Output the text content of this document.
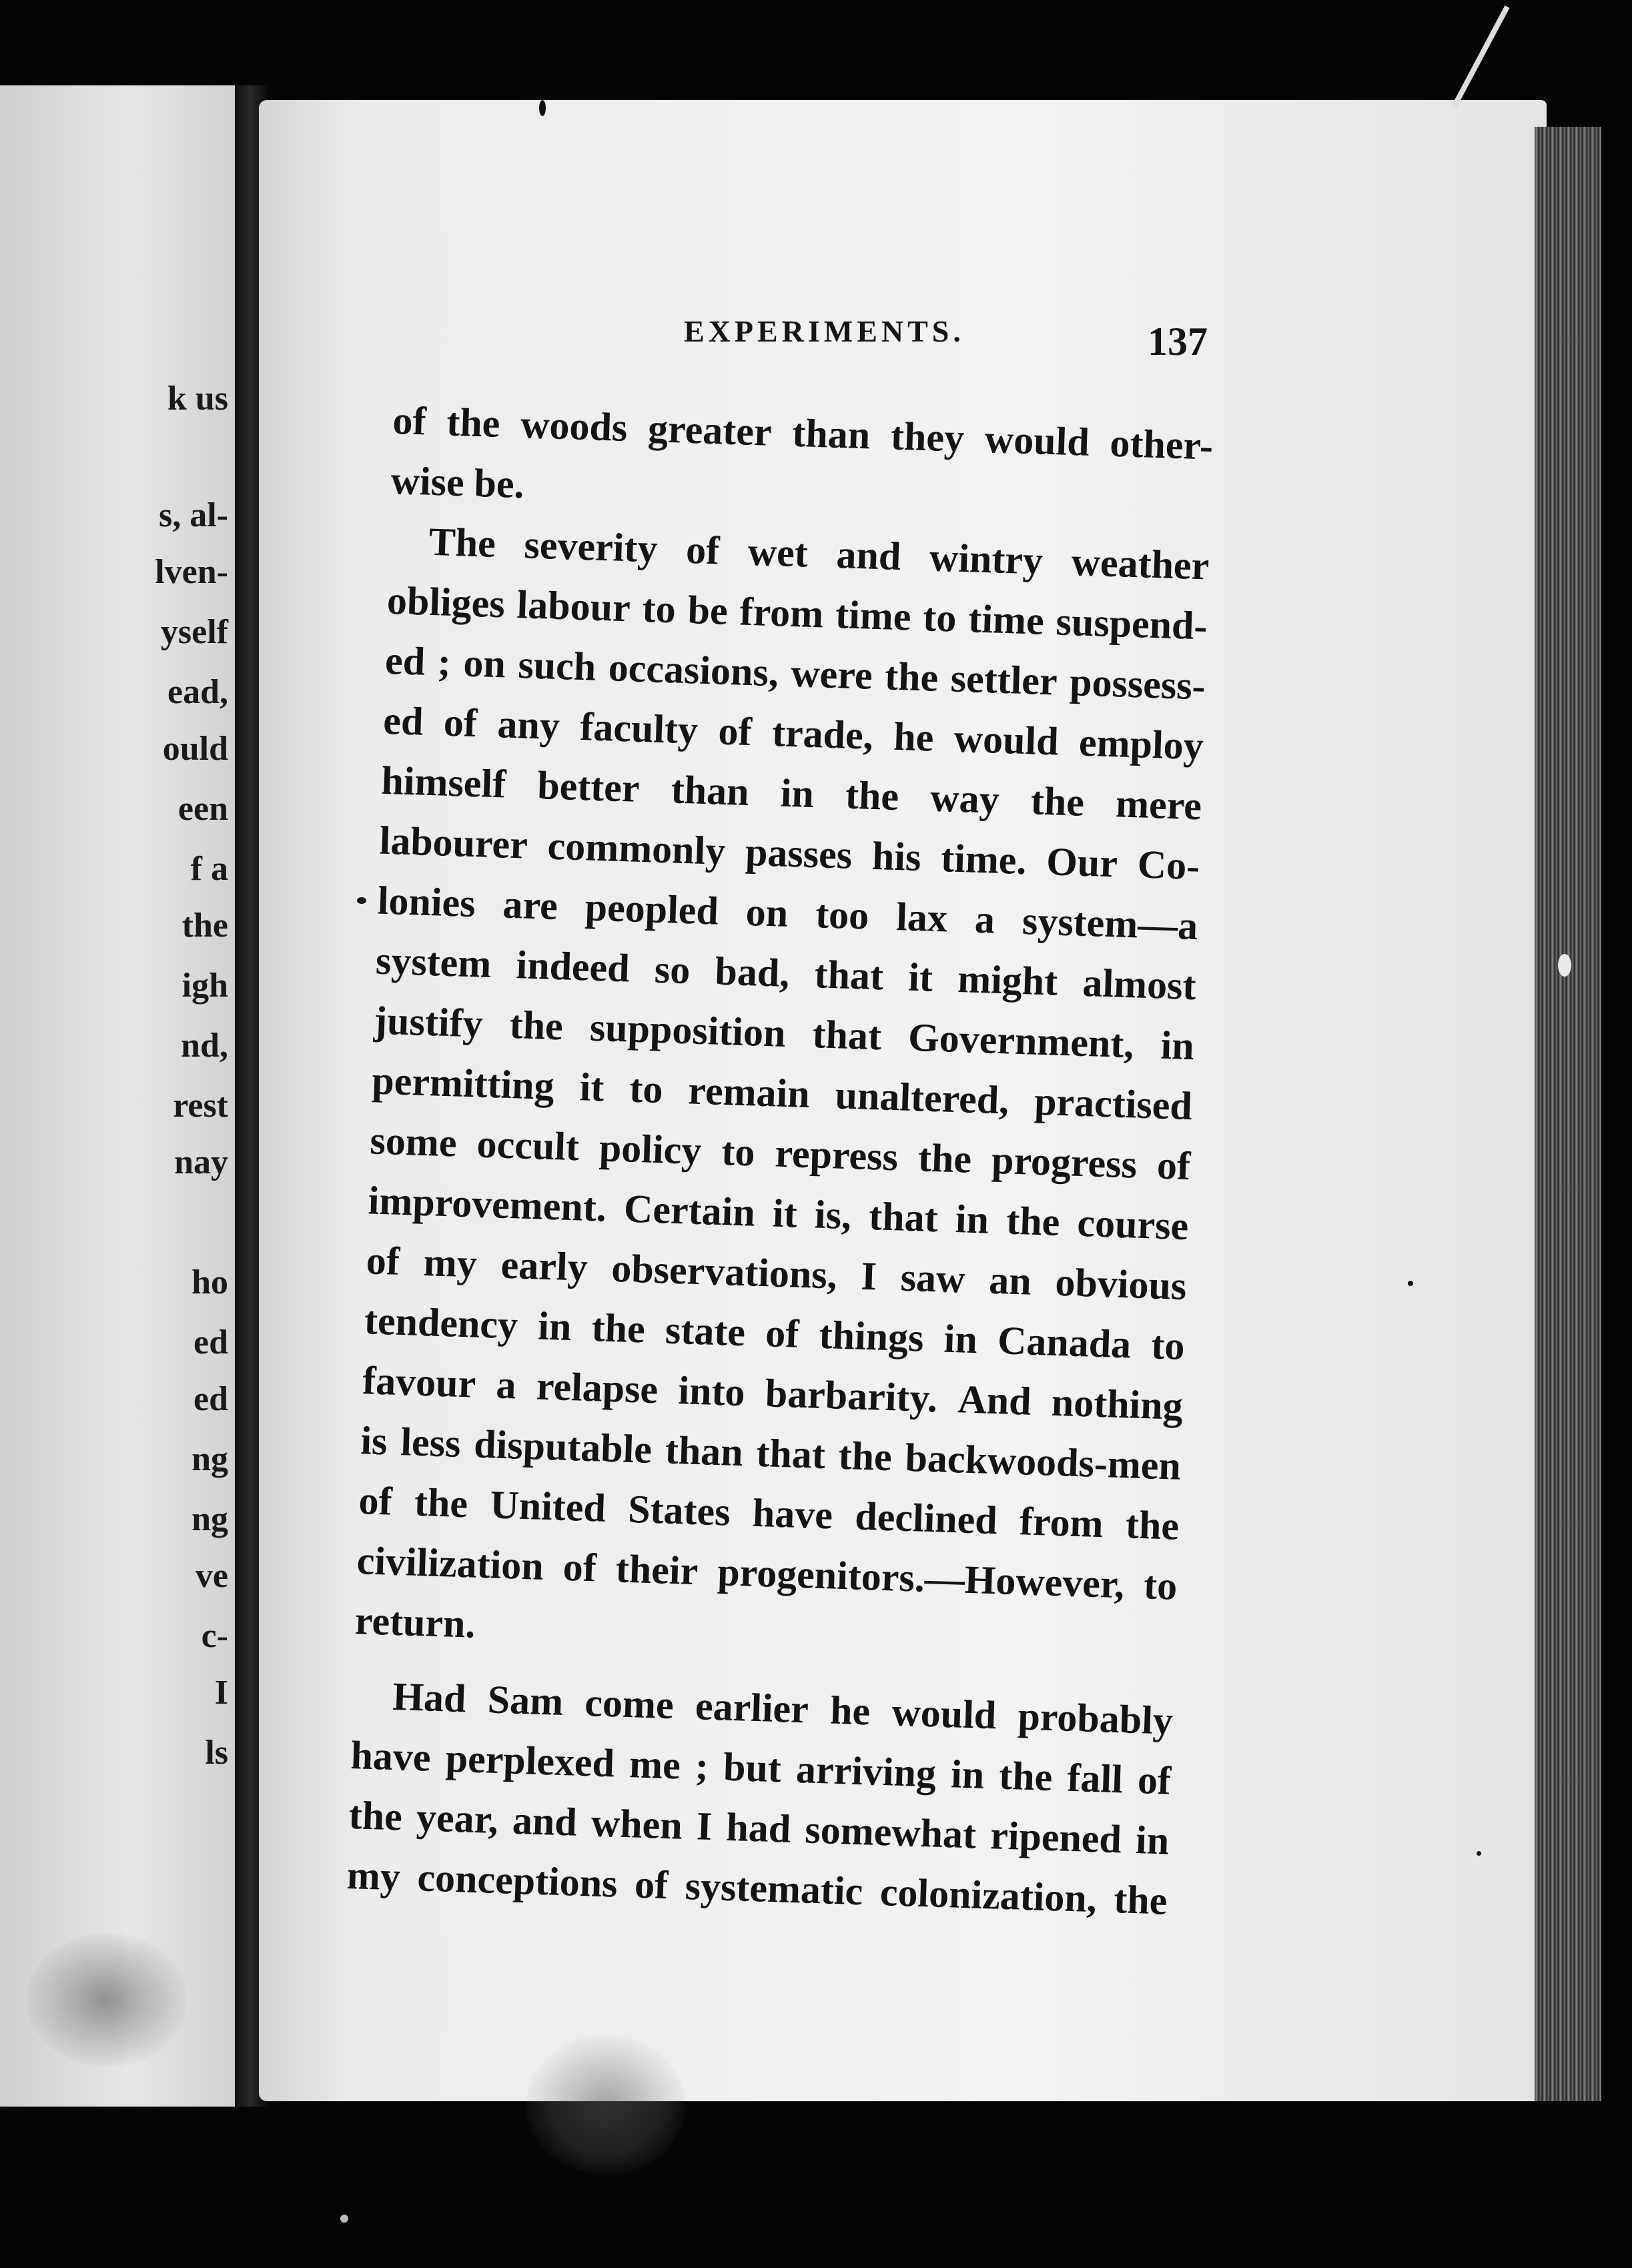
k us
s, al-
lven-
yself
ead,
ould
een
f a
the
igh
nd,
rest
nay
ho
ed
ed
ng
ng
ve
c-
I
ls
EXPERIMENTS.	137
of the woods greater than they would other-
wise be.
The severity of wet and wintry weather
obliges labour to be from time to time suspend-
ed ; on such occasions, were the settler possess-
ed of any faculty of trade, he would employ
himself better than in the way the mere
labourer commonly passes his time. Our Co-
lonies are peopled on too lax a system—a
system indeed so bad, that it might almost
justify the supposition that Government, in
permitting it to remain unaltered, practised
some occult policy to repress the progress of
improvement. Certain it is, that in the course
of my early observations, I saw an obvious
tendency in the state of things in Canada to
favour a relapse into barbarity. And nothing
is less disputable than that the backwoods-men
of the United States have declined from the
civilization of their progenitors.—However, to
return.
Had Sam come earlier he would probably
have perplexed me ; but arriving in the fall of
the year, and when I had somewhat ripened in
my conceptions of systematic colonization, the
